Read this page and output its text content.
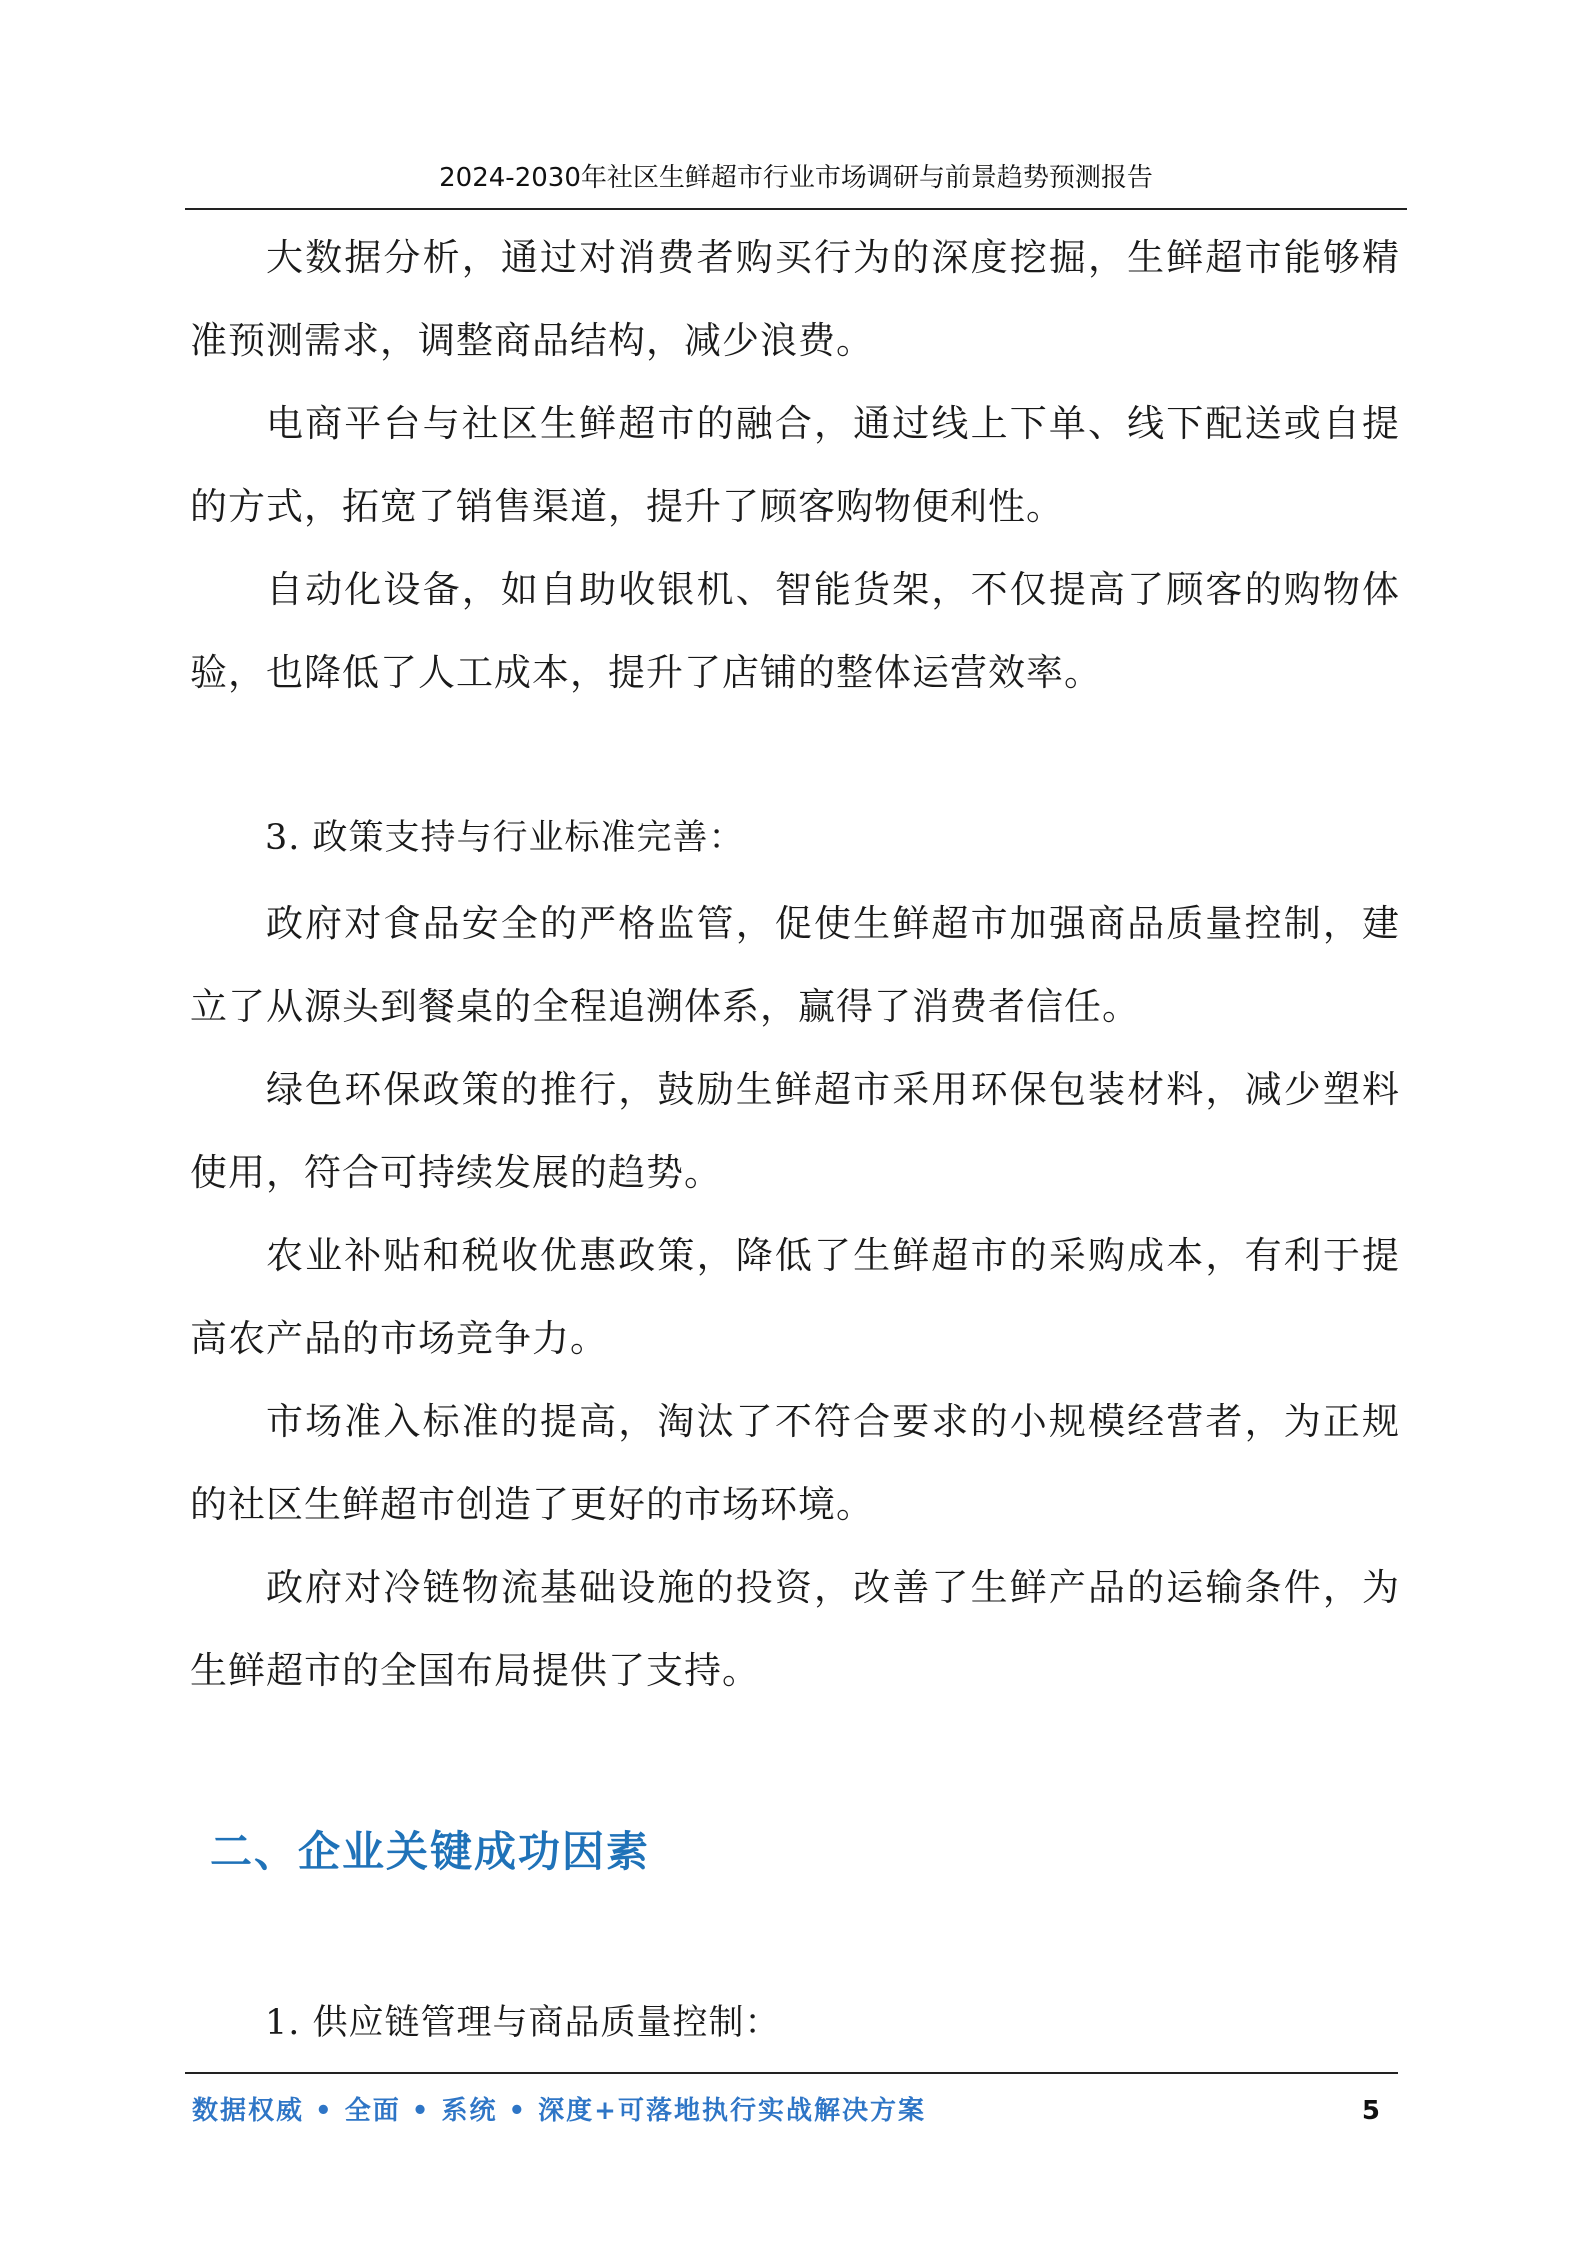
2024-2030年社区生鲜超市行业市场调研与前景趋势预测报告

大数据分析，通过对消费者购买行为的深度挖掘，生鲜超市能够精准预测需求，调整商品结构，减少浪费。

电商平台与社区生鲜超市的融合，通过线上下单、线下配送或自提的方式，拓宽了销售渠道，提升了顾客购物便利性。

自动化设备，如自助收银机、智能货架，不仅提高了顾客的购物体验，也降低了人工成本，提升了店铺的整体运营效率。

3. 政策支持与行业标准完善：

政府对食品安全的严格监管，促使生鲜超市加强商品质量控制，建立了从源头到餐桌的全程追溯体系，赢得了消费者信任。

绿色环保政策的推行，鼓励生鲜超市采用环保包装材料，减少塑料使用，符合可持续发展的趋势。

农业补贴和税收优惠政策，降低了生鲜超市的采购成本，有利于提高农产品的市场竞争力。

市场准入标准的提高，淘汰了不符合要求的小规模经营者，为正规的社区生鲜超市创造了更好的市场环境。

政府对冷链物流基础设施的投资，改善了生鲜产品的运输条件，为生鲜超市的全国布局提供了支持。

二、企业关键成功因素

1. 供应链管理与商品质量控制：

数据权威 • 全面 • 系统 • 深度+可落地执行实战解决方案	5
